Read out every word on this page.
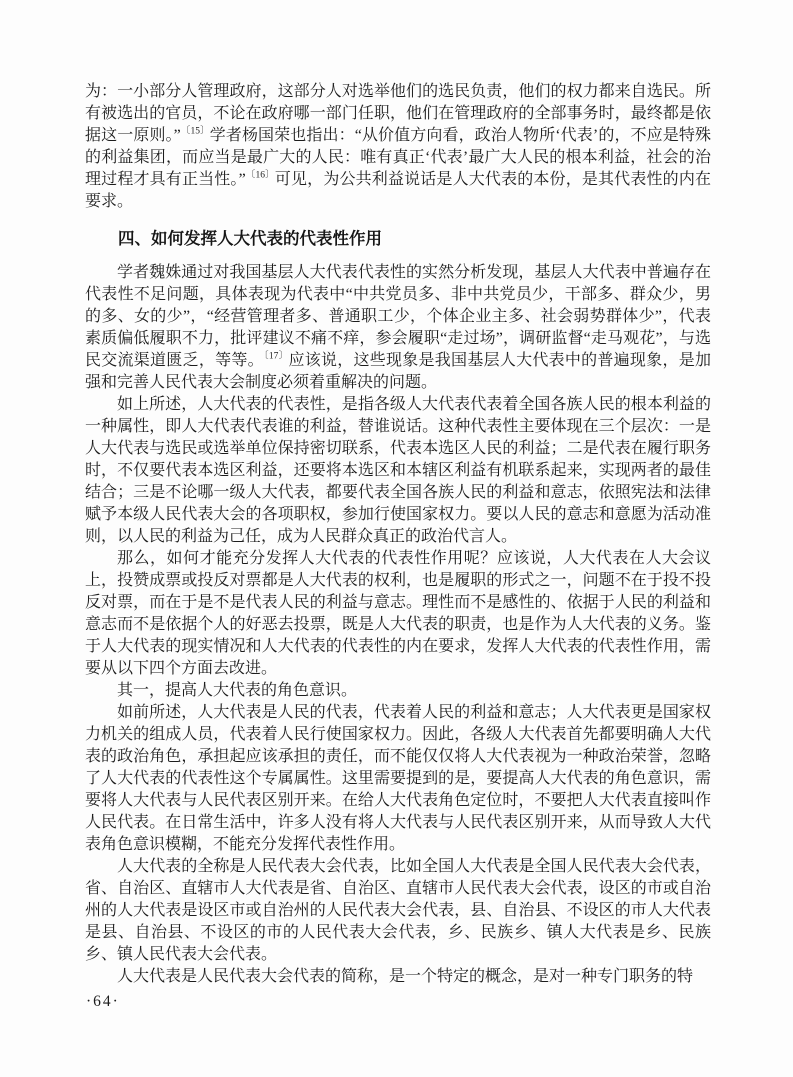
为：一小部分人管理政府，这部分人对选举他们的选民负责，他们的权力都来自选民。所有被选出的官员，不论在政府哪一部门任职，他们在管理政府的全部事务时，最终都是依据这一原则。”$^{〔15〕}$学者杨国荣也指出：“从价值方向看，政治人物所‘代表’的，不应是特殊的利益集团，而应当是最广大的人民：唯有真正‘代表’最广大人民的根本利益，社会的治理过程才具有正当性。”$^{〔16〕}$可见，为公共利益说话是人大代表的本份，是其代表性的内在要求。

四、如何发挥人大代表的代表性作用

学者魏姝通过对我国基层人大代表代表性的实然分析发现，基层人大代表中普遍存在代表性不足问题，具体表现为代表中“中共党员多、非中共党员少，干部多、群众少，男的多、女的少”，“经营管理者多、普通职工少，个体企业主多、社会弱势群体少”，代表素质偏低履职不力，批评建议不痛不痒，参会履职“走过场”，调研监督“走马观花”，与选民交流渠道匮乏，等等。$^{〔17〕}$应该说，这些现象是我国基层人大代表中的普遍现象，是加强和完善人民代表大会制度必须着重解决的问题。

如上所述，人大代表的代表性，是指各级人大代表代表着全国各族人民的根本利益的一种属性，即人大代表代表谁的利益，替谁说话。这种代表性主要体现在三个层次：一是人大代表与选民或选举单位保持密切联系，代表本选区人民的利益；二是代表在履行职务时，不仅要代表本选区利益，还要将本选区和本辖区利益有机联系起来，实现两者的最佳结合；三是不论哪一级人大代表，都要代表全国各族人民的利益和意志，依照宪法和法律赋予本级人民代表大会的各项职权，参加行使国家权力。要以人民的意志和意愿为活动准则，以人民的利益为己任，成为人民群众真正的政治代言人。

那么，如何才能充分发挥人大代表的代表性作用呢？应该说，人大代表在人大会议上，投赞成票或投反对票都是人大代表的权利，也是履职的形式之一，问题不在于投不投反对票，而在于是不是代表人民的利益与意志。理性而不是感性的、依据于人民的利益和意志而不是依据个人的好恶去投票，既是人大代表的职责，也是作为人大代表的义务。鉴于人大代表的现实情况和人大代表的代表性的内在要求，发挥人大代表的代表性作用，需要从以下四个方面去改进。

其一，提高人大代表的角色意识。

如前所述，人大代表是人民的代表，代表着人民的利益和意志；人大代表更是国家权力机关的组成人员，代表着人民行使国家权力。因此，各级人大代表首先都要明确人大代表的政治角色，承担起应该承担的责任，而不能仅仅将人大代表视为一种政治荣誉，忽略了人大代表的代表性这个专属属性。这里需要提到的是，要提高人大代表的角色意识，需要将人大代表与人民代表区别开来。在给人大代表角色定位时，不要把人大代表直接叫作人民代表。在日常生活中，许多人没有将人大代表与人民代表区别开来，从而导致人大代表角色意识模糊，不能充分发挥代表性作用。

人大代表的全称是人民代表大会代表，比如全国人大代表是全国人民代表大会代表，省、自治区、直辖市人大代表是省、自治区、直辖市人民代表大会代表，设区的市或自治州的人大代表是设区市或自治州的人民代表大会代表，县、自治县、不设区的市人大代表是县、自治县、不设区的市的人民代表大会代表，乡、民族乡、镇人大代表是乡、民族乡、镇人民代表大会代表。

人大代表是人民代表大会代表的简称，是一个特定的概念，是对一种专门职务的特

·64·
